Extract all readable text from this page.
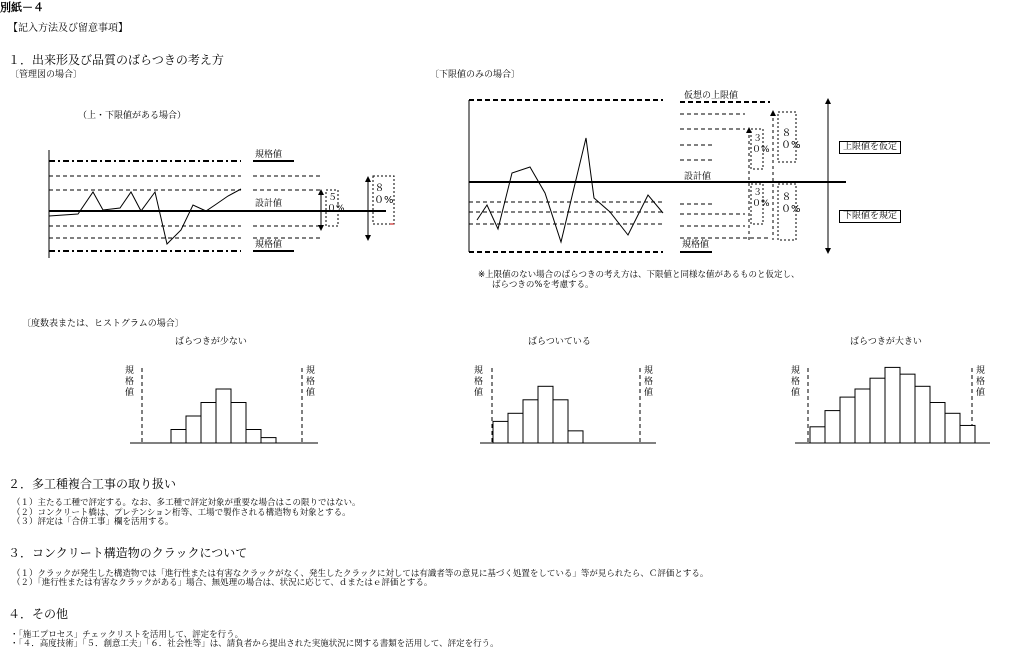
別紙－４
【記入方法及び留意事項】
１．出来形及び品質のばらつきの考え方
〔管理図の場合〕
（上・下限値がある場合）
〔下限値のみの場合〕
規格値
設計値
規格値
５０%
８０%
仮想の上限値
設計値
規格値
３０%
８０%
３０%
８０%
上限値を仮定
下限値を規定
※上限値のない場合のばらつきの考え方は、下限値と同様な値があるものと仮定し、
ばらつきの%を考慮する。
〔度数表または、ヒストグラムの場合〕
ばらつきが少ない	ばらついている	ばらつきが大きい
規格値
規格値
規格値
規格値
規格値
規格値
２．多工種複合工事の取り扱い
（１）主たる工種で評定する。なお、多工種で評定対象が重要な場合はこの限りではない。
（２）コンクリート橋は、プレテンション桁等、工場で製作される構造物も対象とする。
（３）評定は「合併工事」欄を活用する。
３．コンクリート構造物のクラックについて
（１）クラックが発生した構造物では「進行性または有害なクラックがなく、発生したクラックに対しては有識者等の意見に基づく処置をしている」等が見られたら、Ｃ評価とする。
（２）「進行性または有害なクラックがある」場合、無処理の場合は、状況に応じて、ｄまたはｅ評価とする。
４．その他
・「施工プロセス」チェックリストを活用して、評定を行う。
・「４．高度技術」「５．創意工夫」「６．社会性等」は、請負者から提出された実施状況に関する書類を活用して、評定を行う。
